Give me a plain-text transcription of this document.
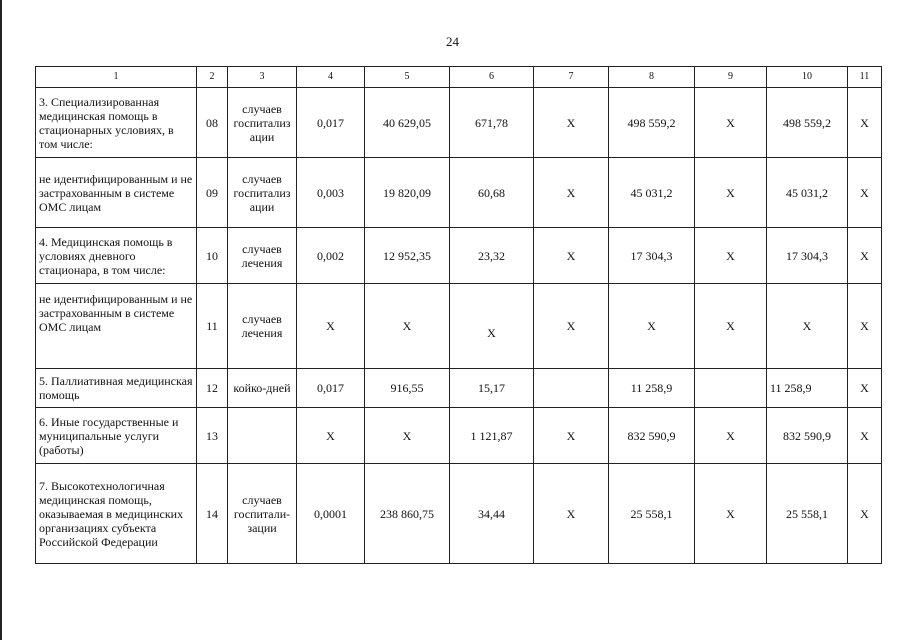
24
1	2	3	4	5	6	7	8	9	10	11
3. Специализированная медицинская помощь в стационарных условиях, в том числе:	08	случаев госпитализ ации	0,017	40 629,05	671,78	Х	498 559,2	Х	498 559,2	Х
не идентифицированным и не застрахованным в системе ОМС лицам	09	случаев госпитализ ации	0,003	19 820,09	60,68	Х	45 031,2	Х	45 031,2	Х
4. Медицинская помощь в условиях дневного стационара, в том числе:	10	случаев лечения	0,002	12 952,35	23,32	Х	17 304,3	Х	17 304,3	Х
не идентифицированным и не застрахованным в системе ОМС лицам	11	случаев лечения	Х	Х	Х	Х	Х	Х	Х	Х
5. Паллиативная медицинская помощь	12	койко-дней	0,017	916,55	15,17		11 258,9		11 258,9	Х
6. Иные государственные и муниципальные услуги (работы)	13		Х	Х	1 121,87	Х	832 590,9	Х	832 590,9	Х
7. Высокотехнологичная медицинская помощь, оказываемая в медицинских организациях субъекта Российской Федерации	14	случаев госпитали- зации	0,0001	238 860,75	34,44	Х	25 558,1	Х	25 558,1	Х
